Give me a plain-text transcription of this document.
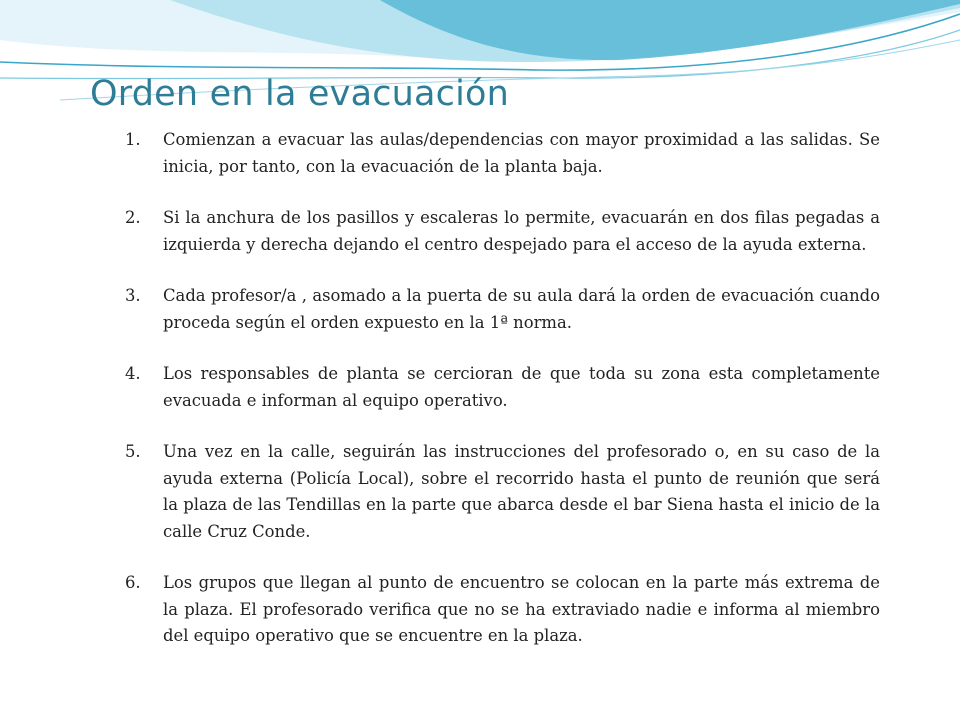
Orden en la evacuación
1. Comienzan a evacuar las aulas/dependencias con mayor proximidad a las salidas. Se inicia, por tanto, con la evacuación de la planta baja.
2. Si la anchura de los pasillos y escaleras lo permite, evacuarán en dos filas pegadas a izquierda y derecha dejando el centro despejado para el acceso de la ayuda externa.
3. Cada profesor/a , asomado a la puerta de su aula dará la orden de evacuación cuando proceda según el orden expuesto en la 1ª norma.
4. Los responsables de planta se cercioran de que toda su zona esta completamente evacuada e informan al equipo operativo.
5. Una vez en la calle, seguirán las instrucciones del profesorado o, en su caso de la ayuda externa (Policía Local), sobre el recorrido hasta el punto de reunión que será la plaza de las Tendillas en la parte que abarca desde el bar Siena hasta el inicio de la calle Cruz Conde.
6. Los grupos que llegan al punto de encuentro se colocan en la parte más extrema de la plaza. El profesorado verifica que no se ha extraviado nadie e informa al miembro del equipo operativo que se encuentre en la plaza.
